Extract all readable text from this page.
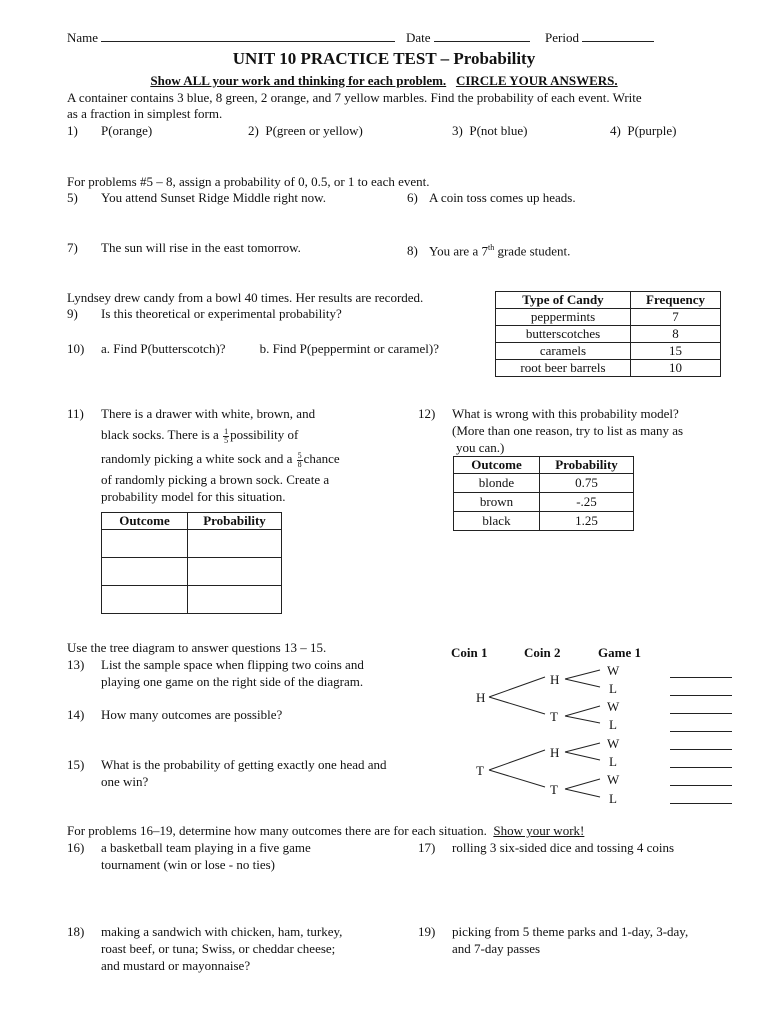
Name	Date	Period
UNIT 10 PRACTICE TEST – Probability
Show ALL your work and thinking for each problem. CIRCLE YOUR ANSWERS.
A container contains 3 blue, 8 green, 2 orange, and 7 yellow marbles. Find the probability of each event. Write
as a fraction in simplest form.
1) P(orange)	2) P(green or yellow)	3) P(not blue)	4) P(purple)
For problems #5 – 8, assign a probability of 0, 0.5, or 1 to each event.
5) You attend Sunset Ridge Middle right now.	6) A coin toss comes up heads.
7) The sun will rise in the east tomorrow.	8) You are a 7th grade student.
Lyndsey drew candy from a bowl 40 times. Her results are recorded.
9) Is this theoretical or experimental probability?
10) a. Find P(butterscotch)?	b. Find P(peppermint or caramel)?
Type of Candy	Frequency
peppermints	7
butterscotches	8
caramels	15
root beer barrels	10
11) There is a drawer with white, brown, and
black socks. There is a $\frac{1}{5}$ possibility of
randomly picking a white sock and a $\frac{5}{8}$ chance
of randomly picking a brown sock. Create a
probability model for this situation.
Outcome	Probability

12) What is wrong with this probability model?
(More than one reason, try to list as many as
you can.)
Outcome	Probability
blonde	0.75
brown	-.25
black	1.25
Use the tree diagram to answer questions 13 – 15.
13) List the sample space when flipping two coins and
playing one game on the right side of the diagram.
14) How many outcomes are possible?
15) What is the probability of getting exactly one head and
one win?
Coin 1	Coin 2	Game 1
H
T
H
T
H
T
W
L
W
L
W
L
W
L
For problems 16–19, determine how many outcomes there are for each situation. Show your work!
16) a basketball team playing in a five game
tournament (win or lose - no ties)
17) rolling 3 six-sided dice and tossing 4 coins
18) making a sandwich with chicken, ham, turkey,
roast beef, or tuna; Swiss, or cheddar cheese;
and mustard or mayonnaise?
19) picking from 5 theme parks and 1-day, 3-day,
and 7-day passes
